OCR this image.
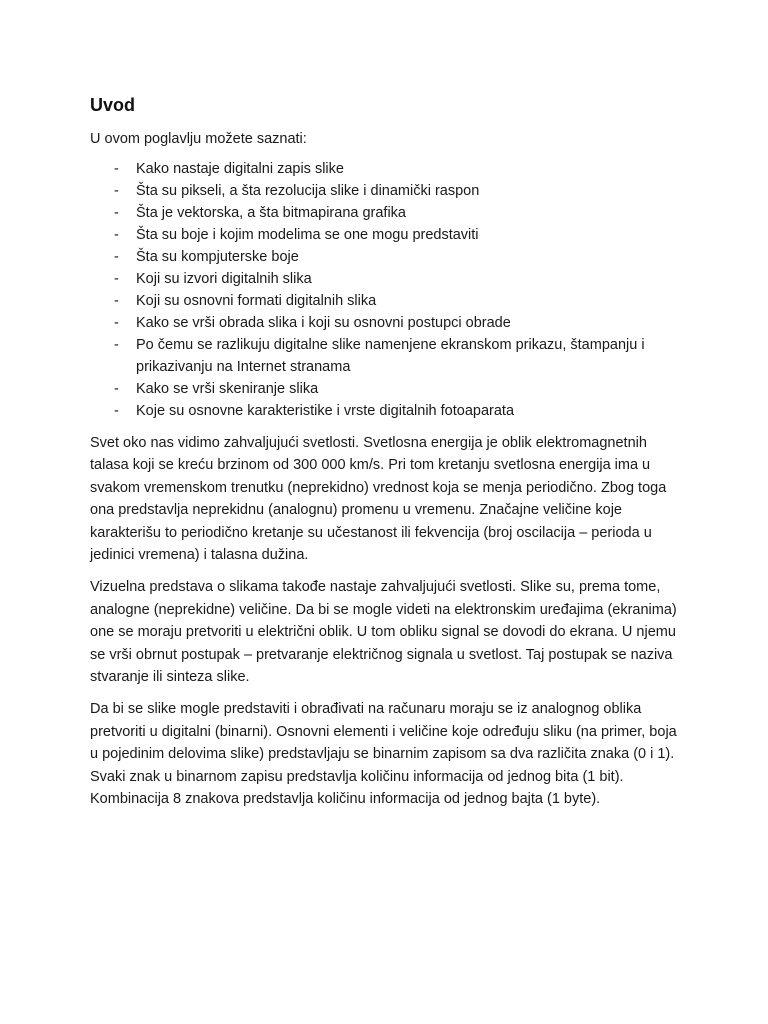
Uvod

U ovom poglavlju možete saznati:

- Kako nastaje digitalni zapis slike
- Šta su pikseli, a šta rezolucija slike i dinamički raspon
- Šta je vektorska, a šta bitmapirana grafika
- Šta su boje i kojim modelima se one mogu predstaviti
- Šta su kompjuterske boje
- Koji su izvori digitalnih slika
- Koji su osnovni formati digitalnih slika
- Kako se vrši obrada slika i koji su osnovni postupci obrade
- Po čemu se razlikuju digitalne slike namenjene ekranskom prikazu, štampanju i prikazivanju na Internet stranama
- Kako se vrši skeniranje slika
- Koje su osnovne karakteristike i vrste digitalnih fotoaparata

Svet oko nas vidimo zahvaljujući svetlosti. Svetlosna energija je oblik elektromagnetnih talasa koji se kreću brzinom od 300 000 km/s. Pri tom kretanju svetlosna energija ima u svakom vremenskom trenutku (neprekidno) vrednost koja se menja periodično. Zbog toga ona predstavlja neprekidnu (analognu) promenu u vremenu. Značajne veličine koje karakterišu to periodično kretanje su učestanost ili fekvencija (broj oscilacija – perioda u jedinici vremena) i talasna dužina.

Vizuelna predstava o slikama takođe nastaje zahvaljujući svetlosti. Slike su, prema tome, analogne (neprekidne) veličine. Da bi se mogle videti na elektronskim uređajima (ekranima) one se moraju pretvoriti u električni oblik. U tom obliku signal se dovodi do ekrana. U njemu se vrši obrnut postupak – pretvaranje električnog signala u svetlost. Taj postupak se naziva stvaranje ili sinteza slike.

Da bi se slike mogle predstaviti i obrađivati na računaru moraju se iz analognog oblika pretvoriti u digitalni (binarni). Osnovni elementi i veličine koje određuju sliku (na primer, boja u pojedinim delovima slike) predstavljaju se binarnim zapisom sa dva različita znaka (0 i 1). Svaki znak u binarnom zapisu predstavlja količinu informacija od jednog bita (1 bit). Kombinacija 8 znakova predstavlja količinu informacija od jednog bajta (1 byte).
